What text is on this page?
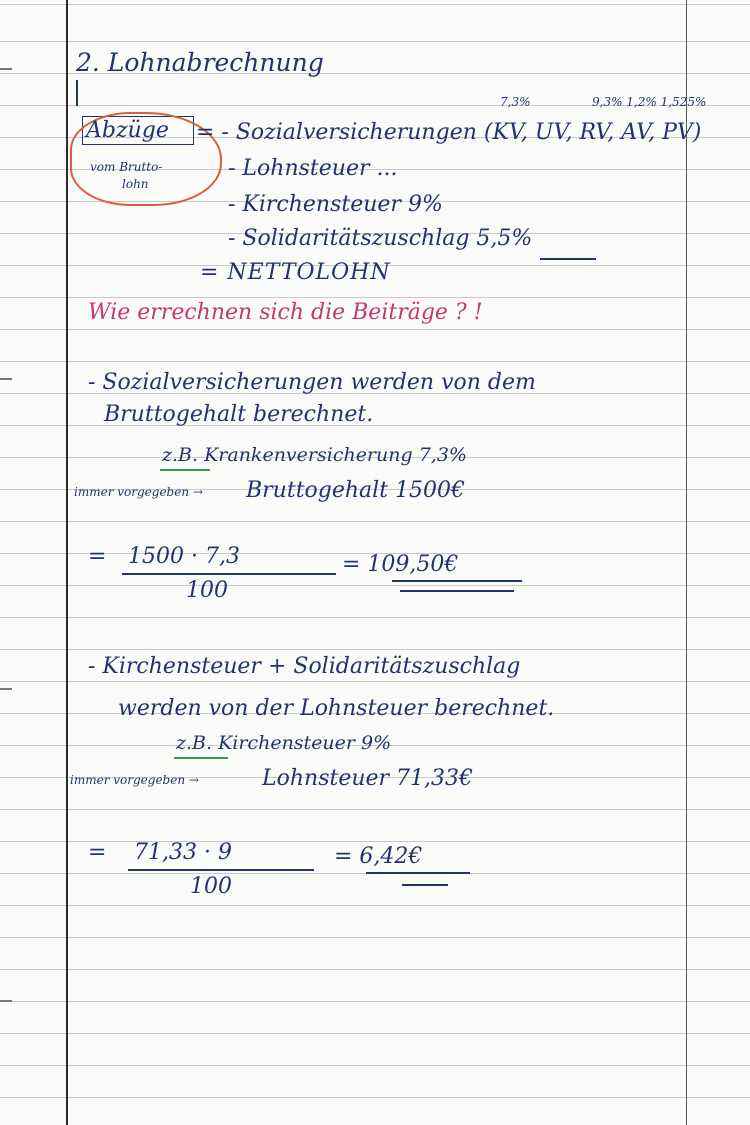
2. Lohnabrechnung
Abzüge
vom Brutto-
lohn
7,3%	9,3% 1,2% 1,525%
= - Sozialversicherungen (KV, UV, RV, AV, PV)
- Lohnsteuer ...
- Kirchensteuer 9%
- Solidaritätszuschlag 5,5%
= NETTOLOHN
Wie errechnen sich die Beiträge ? !
- Sozialversicherungen werden von dem
Bruttogehalt berechnet.
z.B. Krankenversicherung 7,3%
immer vorgegeben → Bruttogehalt 1500€
= 1500 · 7,3
100
= 109,50€
- Kirchensteuer + Solidaritätszuschlag
werden von der Lohnsteuer berechnet.
z.B. Kirchensteuer 9%
immer vorgegeben →	Lohnsteuer 71,33€
= 71,33 · 9
100
= 6,42€
